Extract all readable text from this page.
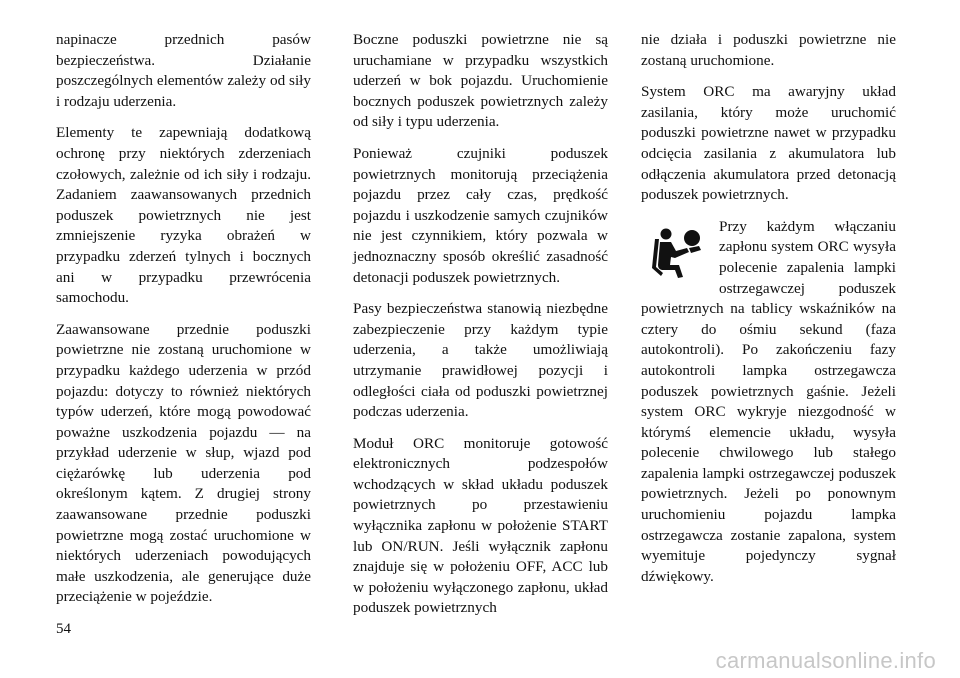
napinacze przednich pasów bezpieczeństwa. Działanie poszczególnych elementów zależy od siły i rodzaju uderzenia.

Elementy te zapewniają dodatkową ochronę przy niektórych zderzeniach czołowych, zależnie od ich siły i rodzaju. Zadaniem zaawansowanych przednich poduszek powietrznych nie jest zmniejszenie ryzyka obrażeń w przypadku zderzeń tylnych i bocznych ani w przypadku przewrócenia samochodu.

Zaawansowane przednie poduszki powietrzne nie zostaną uruchomione w przypadku każdego uderzenia w przód pojazdu: dotyczy to również niektórych typów uderzeń, które mogą powodować poważne uszkodzenia pojazdu — na przykład uderzenie w słup, wjazd pod ciężarówkę lub uderzenia pod określonym kątem. Z drugiej strony zaawansowane przednie poduszki powietrzne mogą zostać uruchomione w niektórych uderzeniach powodujących małe uszkodzenia, ale generujące duże przeciążenie w pojeździe.

Boczne poduszki powietrzne nie są uruchamiane w przypadku wszystkich uderzeń w bok pojazdu. Uruchomienie bocznych poduszek powietrznych zależy od siły i typu uderzenia.

Ponieważ czujniki poduszek powietrznych monitorują przeciążenia pojazdu przez cały czas, prędkość pojazdu i uszkodzenie samych czujników nie jest czynnikiem, który pozwala w jednoznaczny sposób określić zasadność detonacji poduszek powietrznych.

Pasy bezpieczeństwa stanowią niezbędne zabezpieczenie przy każdym typie uderzenia, a także umożliwiają utrzymanie prawidłowej pozycji i odległości ciała od poduszki powietrznej podczas uderzenia.

Moduł ORC monitoruje gotowość elektronicznych podzespołów wchodzących w skład układu poduszek powietrznych po przestawieniu wyłącznika zapłonu w położenie START lub ON/RUN. Jeśli wyłącznik zapłonu znajduje się w położeniu OFF, ACC lub w położeniu wyłączonego zapłonu, układ poduszek powietrznych

nie działa i poduszki powietrzne nie zostaną uruchomione.

System ORC ma awaryjny układ zasilania, który może uruchomić poduszki powietrzne nawet w przypadku odcięcia zasilania z akumulatora lub odłączenia akumulatora przed detonacją poduszek powietrznych.

Przy każdym włączaniu zapłonu system ORC wysyła polecenie zapalenia lampki ostrzegawczej poduszek powietrznych na tablicy wskaźników na cztery do ośmiu sekund (faza autokontroli). Po zakończeniu fazy autokontroli lampka ostrzegawcza poduszek powietrznych gaśnie. Jeżeli system ORC wykryje niezgodność w którymś elemencie układu, wysyła polecenie chwilowego lub stałego zapalenia lampki ostrzegawczej poduszek powietrznych. Jeżeli po ponownym uruchomieniu pojazdu lampka ostrzegawcza zostanie zapalona, system wyemituje pojedynczy sygnał dźwiękowy.

54
carmanualsonline.info
